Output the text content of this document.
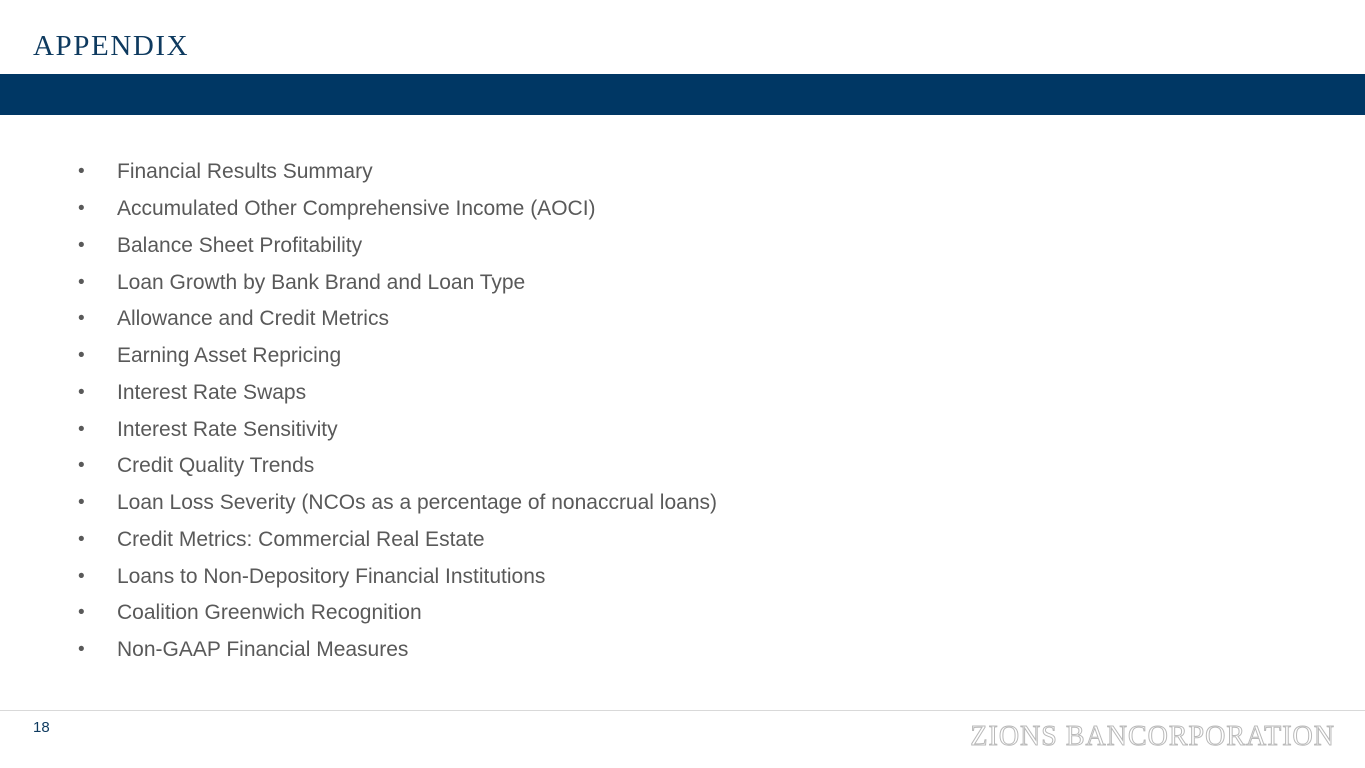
APPENDIX
•	Financial Results Summary
•	Accumulated Other Comprehensive Income (AOCI)
•	Balance Sheet Profitability
•	Loan Growth by Bank Brand and Loan Type
•	Allowance and Credit Metrics
•	Earning Asset Repricing
•	Interest Rate Swaps
•	Interest Rate Sensitivity
•	Credit Quality Trends
•	Loan Loss Severity (NCOs as a percentage of nonaccrual loans)
•	Credit Metrics: Commercial Real Estate
•	Loans to Non-Depository Financial Institutions
•	Coalition Greenwich Recognition
•	Non-GAAP Financial Measures
18	ZIONS BANCORPORATION
